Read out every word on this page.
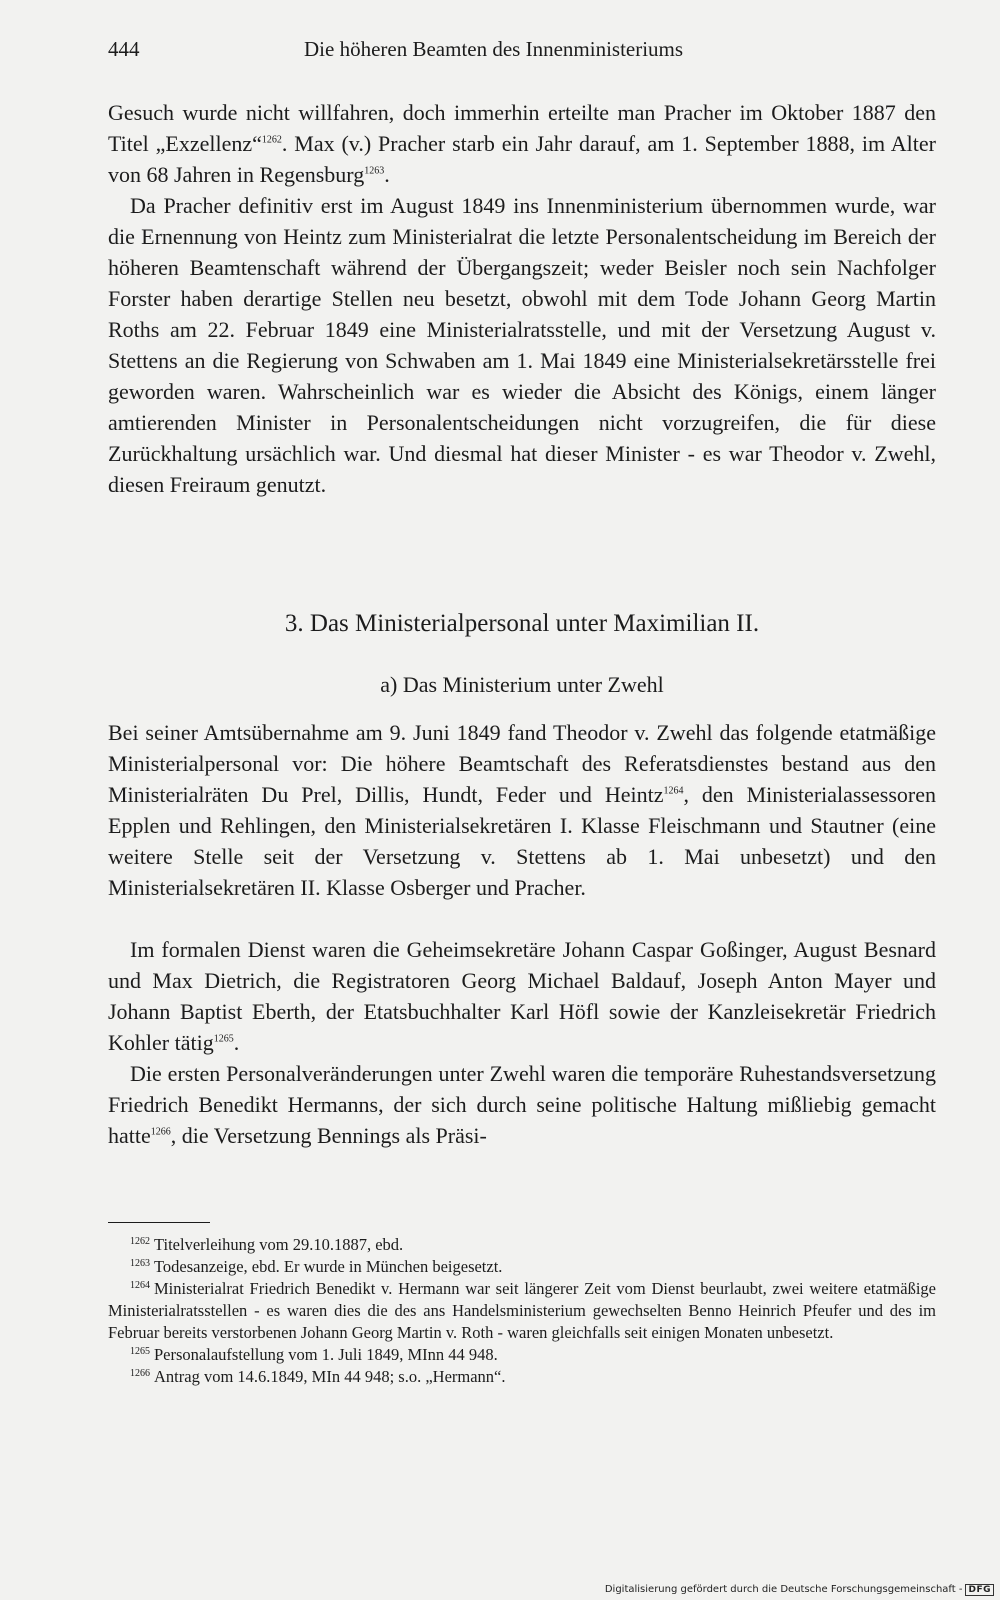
444	Die höheren Beamten des Innenministeriums

Gesuch wurde nicht willfahren, doch immerhin erteilte man Pracher im Oktober 1887 den Titel „Exzellenz“$^{1262}$. Max (v.) Pracher starb ein Jahr darauf, am 1. September 1888, im Alter von 68 Jahren in Regensburg$^{1263}$.

Da Pracher definitiv erst im August 1849 ins Innenministerium übernommen wurde, war die Ernennung von Heintz zum Ministerialrat die letzte Personalentscheidung im Bereich der höheren Beamtenschaft während der Übergangszeit; weder Beisler noch sein Nachfolger Forster haben derartige Stellen neu besetzt, obwohl mit dem Tode Johann Georg Martin Roths am 22. Februar 1849 eine Ministerialratsstelle, und mit der Versetzung August v. Stettens an die Regierung von Schwaben am 1. Mai 1849 eine Ministerialsekretärsstelle frei geworden waren. Wahrscheinlich war es wieder die Absicht des Königs, einem länger amtierenden Minister in Personalentscheidungen nicht vorzugreifen, die für diese Zurückhaltung ursächlich war. Und diesmal hat dieser Minister - es war Theodor v. Zwehl, diesen Freiraum genutzt.

3. Das Ministerialpersonal unter Maximilian II.
a) Das Ministerium unter Zwehl

Bei seiner Amtsübernahme am 9. Juni 1849 fand Theodor v. Zwehl das folgende etatmäßige Ministerialpersonal vor: Die höhere Beamtschaft des Referatsdienstes bestand aus den Ministerialräten Du Prel, Dillis, Hundt, Feder und Heintz$^{1264}$, den Ministerialassessoren Epplen und Rehlingen, den Ministerialsekretären I. Klasse Fleischmann und Stautner (eine weitere Stelle seit der Versetzung v. Stettens ab 1. Mai unbesetzt) und den Ministerialsekretären II. Klasse Osberger und Pracher.

Im formalen Dienst waren die Geheimsekretäre Johann Caspar Goßinger, August Besnard und Max Dietrich, die Registratoren Georg Michael Baldauf, Joseph Anton Mayer und Johann Baptist Eberth, der Etatsbuchhalter Karl Höfl sowie der Kanzleisekretär Friedrich Kohler tätig$^{1265}$.

Die ersten Personalveränderungen unter Zwehl waren die temporäre Ruhestandsversetzung Friedrich Benedikt Hermanns, der sich durch seine politische Haltung mißliebig gemacht hatte$^{1266}$, die Versetzung Bennings als Präsi-

$^{1262}$ Titelverleihung vom 29.10.1887, ebd.

$^{1263}$ Todesanzeige, ebd. Er wurde in München beigesetzt.

$^{1264}$ Ministerialrat Friedrich Benedikt v. Hermann war seit längerer Zeit vom Dienst beurlaubt, zwei weitere etatmäßige Ministerialratsstellen - es waren dies die des ans Handelsministerium gewechselten Benno Heinrich Pfeufer und des im Februar bereits verstorbenen Johann Georg Martin v. Roth - waren gleichfalls seit einigen Monaten unbesetzt.

$^{1265}$ Personalaufstellung vom 1. Juli 1849, MInn 44 948.

$^{1266}$ Antrag vom 14.6.1849, MIn 44 948; s.o. „Hermann“.

Digitalisierung gefördert durch die Deutsche Forschungsgemeinschaft - DFG
